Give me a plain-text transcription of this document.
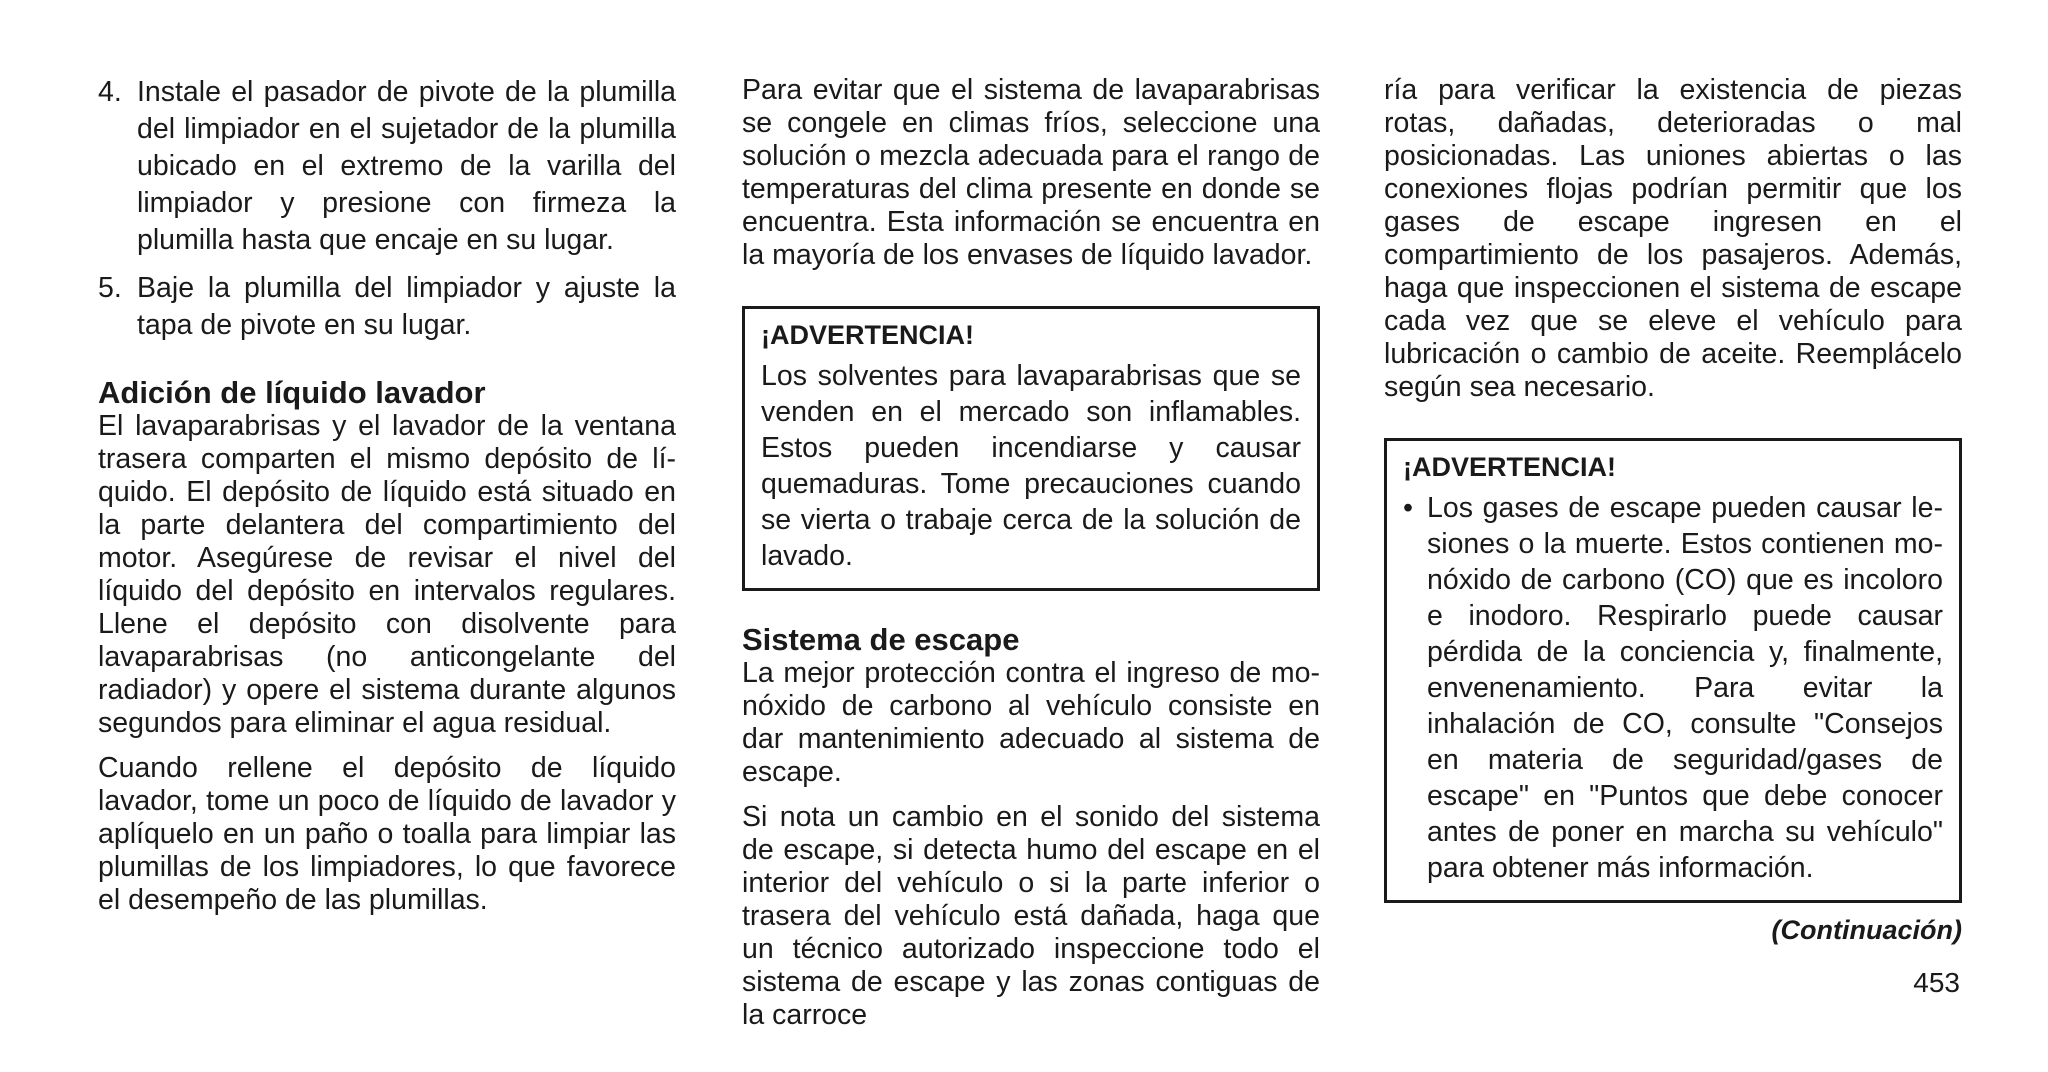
4. Instale el pasador de pivote de la plumilla del limpiador en el sujetador de la plumilla ubicado en el extremo de la varilla del limpiador y presione con firmeza la plumilla hasta que encaje en su lugar.
5. Baje la plumilla del limpiador y ajuste la tapa de pivote en su lugar.
Adición de líquido lavador

El lavaparabrisas y el lavador de la ventana trasera comparten el mismo depósito de líquido. El depósito de líquido está situado en la parte delantera del compartimiento del motor. Asegúrese de revisar el nivel del líquido del depósito en intervalos regulares. Llene el depósito con disolvente para lavaparabrisas (no anticongelante del radiador) y opere el sistema durante algunos segundos para eliminar el agua residual.

Cuando rellene el depósito de líquido lavador, tome un poco de líquido de lavador y aplíquelo en un paño o toalla para limpiar las plumillas de los limpiadores, lo que favorece el desempeño de las plumillas.

Para evitar que el sistema de lavaparabrisas se congele en climas fríos, seleccione una solución o mezcla adecuada para el rango de temperaturas del clima presente en donde se encuentra. Esta información se encuentra en la mayoría de los envases de líquido lavador.

¡ADVERTENCIA!
Los solventes para lavaparabrisas que se venden en el mercado son inflamables. Estos pueden incendiarse y causar quemaduras. Tome precauciones cuando se vierta o trabaje cerca de la solución de lavado.
Sistema de escape

La mejor protección contra el ingreso de monóxido de carbono al vehículo consiste en dar mantenimiento adecuado al sistema de escape.

Si nota un cambio en el sonido del sistema de escape, si detecta humo del escape en el interior del vehículo o si la parte inferior o trasera del vehículo está dañada, haga que un técnico autorizado inspeccione todo el sistema de escape y las zonas contiguas de la carroce

ría para verificar la existencia de piezas rotas, dañadas, deterioradas o mal posicionadas. Las uniones abiertas o las conexiones flojas podrían permitir que los gases de escape ingresen en el compartimiento de los pasajeros. Además, haga que inspeccionen el sistema de escape cada vez que se eleve el vehículo para lubricación o cambio de aceite. Reemplácelo según sea necesario.

¡ADVERTENCIA!
• Los gases de escape pueden causar lesiones o la muerte. Estos contienen monóxido de carbono (CO) que es incoloro e inodoro. Respirarlo puede causar pérdida de la conciencia y, finalmente, envenenamiento. Para evitar la inhalación de CO, consulte "Consejos en materia de seguridad/gases de escape" en "Puntos que debe conocer antes de poner en marcha su vehículo" para obtener más información.
(Continuación)
453
